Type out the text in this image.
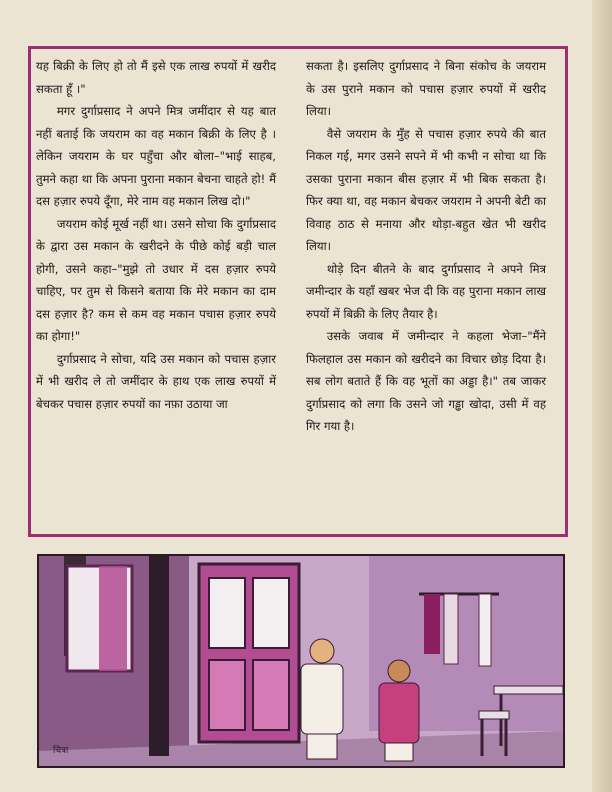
यह बिक्री के लिए हो तो मैं इसे एक लाख रुपयों में खरीद सकता हूँ ।"

मगर दुर्गाप्रसाद ने अपने मित्र जमींदार से यह बात नहीं बताई कि जयराम का वह मकान बिक्री के लिए है । लेकिन जयराम के घर पहुँचा और बोला–"भाई साहब, तुमने कहा था कि अपना पुराना मकान बेचना चाहते हो! मैं दस हज़ार रुपये दूँगा, मेरे नाम वह मकान लिख दो।"

जयराम कोई मूर्ख नहीं था। उसने सोचा कि दुर्गाप्रसाद के द्वारा उस मकान के खरीदने के पीछे कोई बड़ी चाल होगी, उसने कहा–"मुझे तो उधार में दस हज़ार रुपये चाहिए, पर तुम से किसने बताया कि मेरे मकान का दाम दस हज़ार है? कम से कम वह मकान पचास हज़ार रुपये का होगा!"

दुर्गाप्रसाद ने सोचा, यदि उस मकान को पचास हज़ार में भी खरीद ले तो जमींदार के हाथ एक लाख रुपयों में बेचकर पचास हज़ार रुपयों का नफ़ा उठाया जा

सकता है। इसलिए दुर्गाप्रसाद ने बिना संकोच के जयराम के उस पुराने मकान को पचास हज़ार रुपयों में खरीद लिया।

वैसे जयराम के मुँह से पचास हज़ार रुपये की बात निकल गई, मगर उसने सपने में भी कभी न सोचा था कि उसका पुराना मकान बीस हज़ार में भी बिक सकता है। फिर क्या था, वह मकान बेचकर जयराम ने अपनी बेटी का विवाह ठाठ से मनाया और थोड़ा-बहुत खेत भी खरीद लिया।

थोड़े दिन बीतने के बाद दुर्गाप्रसाद ने अपने मित्र जमीन्दार के यहाँ खबर भेज दी कि वह पुराना मकान लाख रुपयों में बिक्री के लिए तैयार है।

उसके जवाब में जमीन्दार ने कहला भेजा–"मैंने फिलहाल उस मकान को खरीदने का विचार छोड़ दिया है। सब लोग बताते हैं कि वह भूतों का अड्डा है।" तब जाकर दुर्गाप्रसाद को लगा कि उसने जो गड्ढा खोदा, उसी में वह गिर गया है।

चित्रा
